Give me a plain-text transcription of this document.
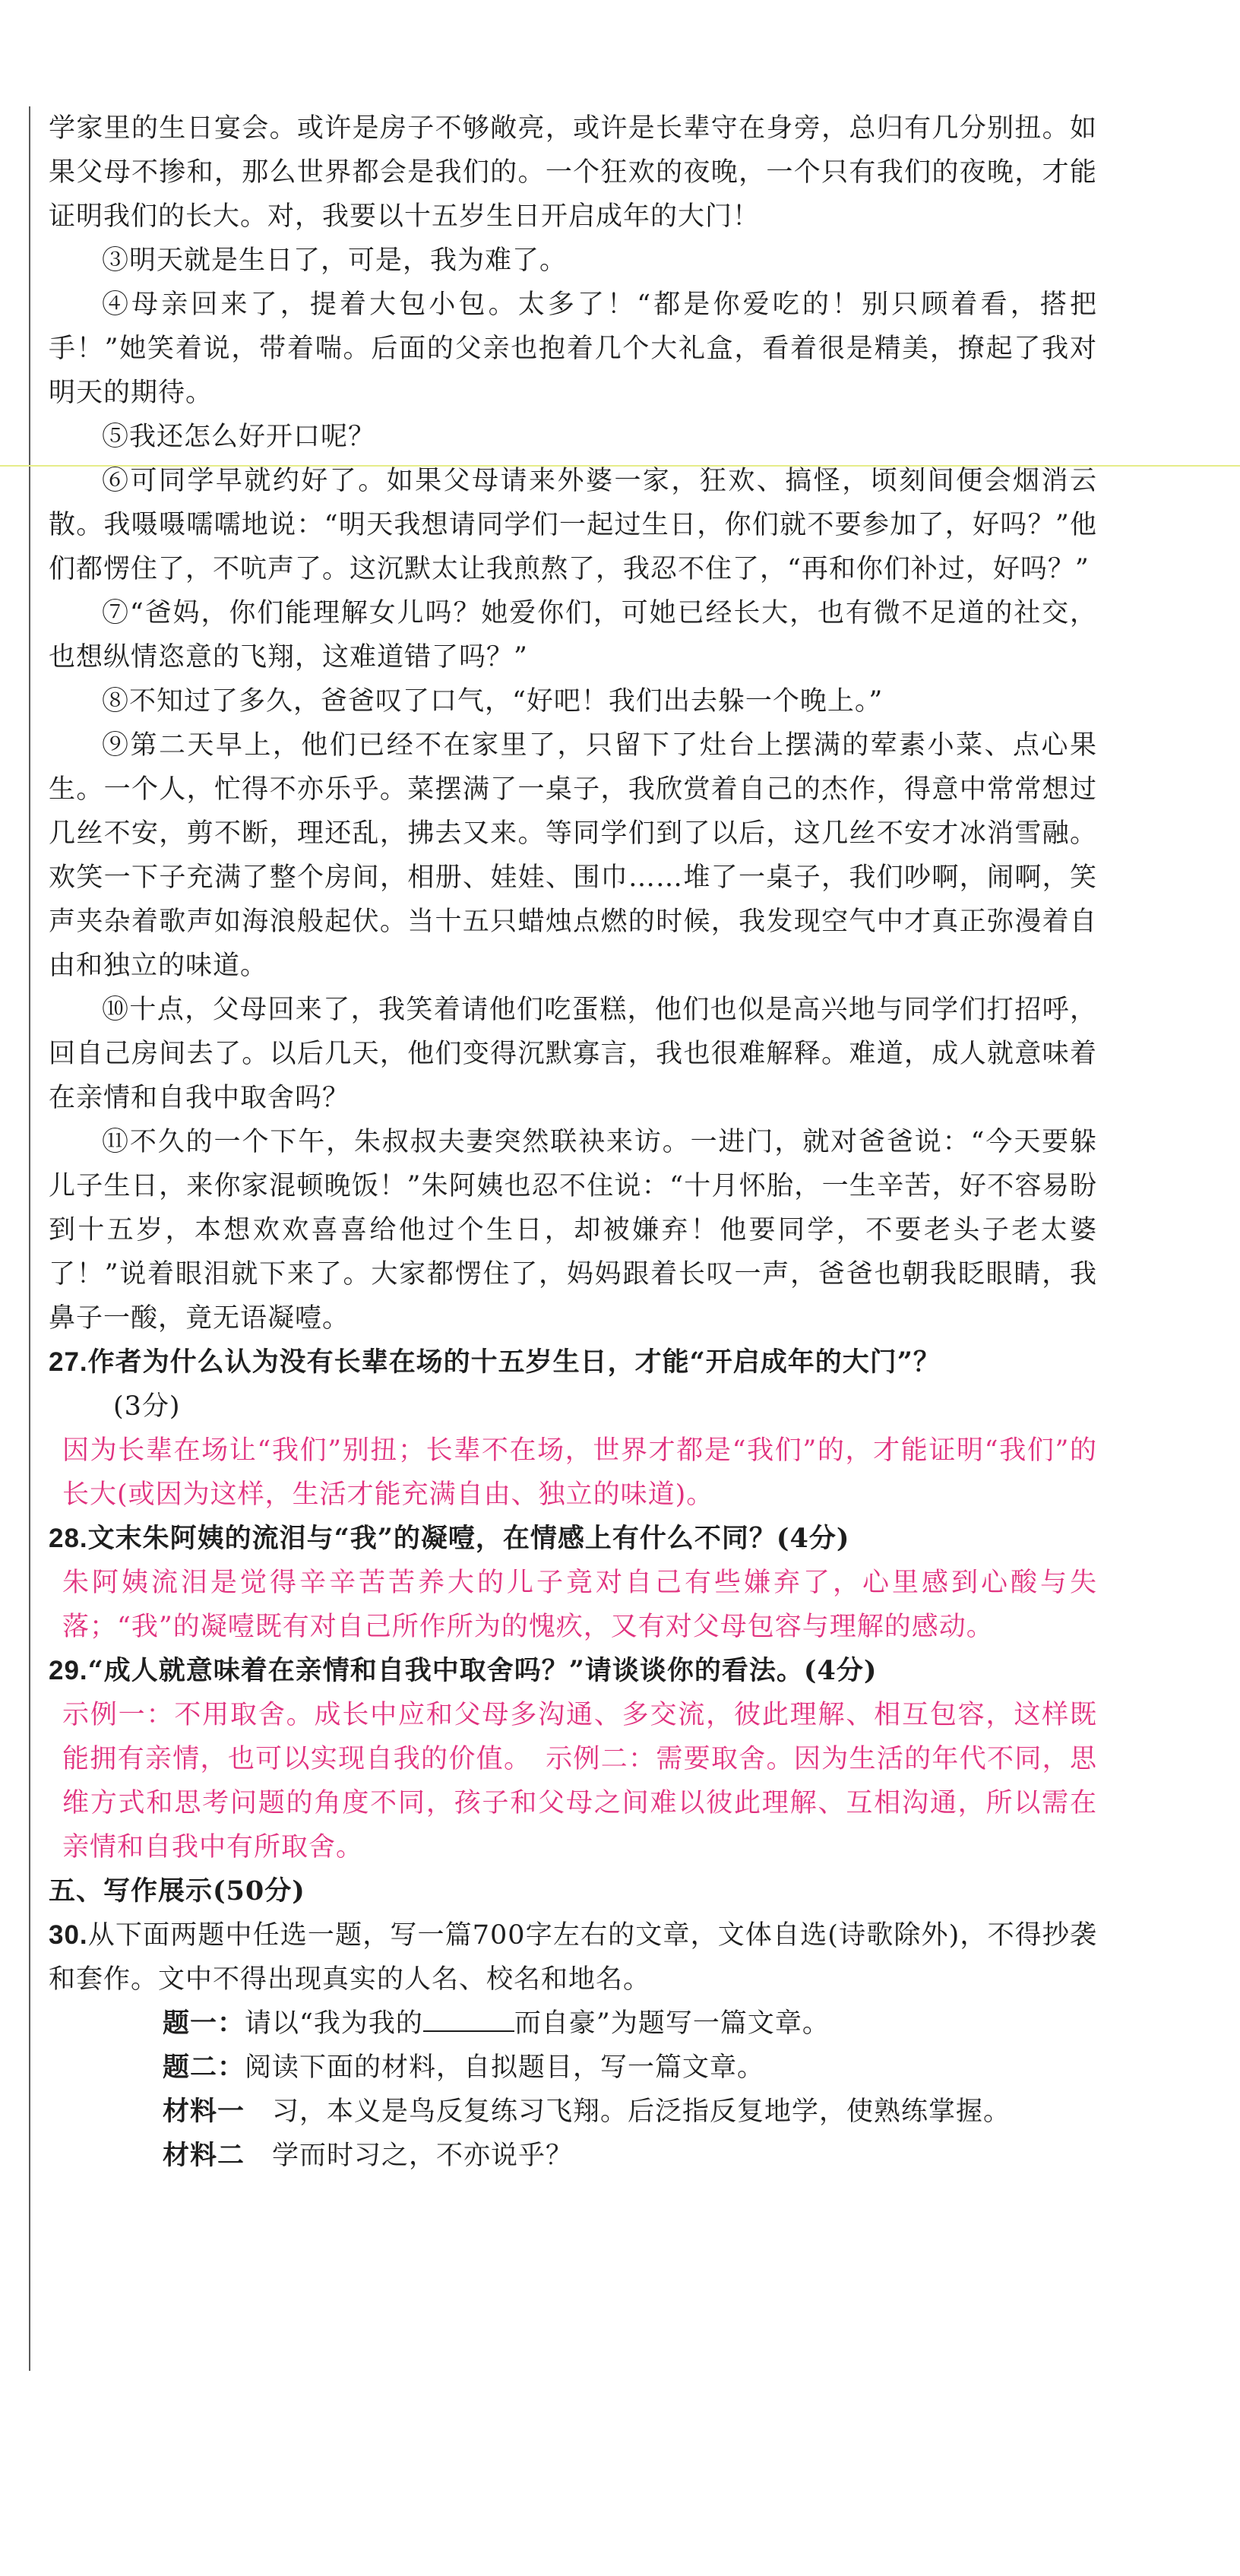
学家里的生日宴会。或许是房子不够敞亮，或许是长辈守在身旁，总归有几分别扭。如果父母不掺和，那么世界都会是我们的。一个狂欢的夜晚，一个只有我们的夜晚，才能证明我们的长大。对，我要以十五岁生日开启成年的大门！

③明天就是生日了，可是，我为难了。

④母亲回来了，提着大包小包。太多了！“都是你爱吃的！别只顾着看，搭把手！”她笑着说，带着喘。后面的父亲也抱着几个大礼盒，看着很是精美，撩起了我对明天的期待。

⑤我还怎么好开口呢？

⑥可同学早就约好了。如果父母请来外婆一家，狂欢、搞怪，顷刻间便会烟消云散。我嗫嗫嚅嚅地说：“明天我想请同学们一起过生日，你们就不要参加了，好吗？”他们都愣住了，不吭声了。这沉默太让我煎熬了，我忍不住了，“再和你们补过，好吗？”

⑦“爸妈，你们能理解女儿吗？她爱你们，可她已经长大，也有微不足道的社交，也想纵情恣意的飞翔，这难道错了吗？”

⑧不知过了多久，爸爸叹了口气，“好吧！我们出去躲一个晚上。”

⑨第二天早上，他们已经不在家里了，只留下了灶台上摆满的荤素小菜、点心果生。一个人，忙得不亦乐乎。菜摆满了一桌子，我欣赏着自己的杰作，得意中常常想过几丝不安，剪不断，理还乱，拂去又来。等同学们到了以后，这几丝不安才冰消雪融。欢笑一下子充满了整个房间，相册、娃娃、围巾……堆了一桌子，我们吵啊，闹啊，笑声夹杂着歌声如海浪般起伏。当十五只蜡烛点燃的时候，我发现空气中才真正弥漫着自由和独立的味道。

⑩十点，父母回来了，我笑着请他们吃蛋糕，他们也似是高兴地与同学们打招呼，回自己房间去了。以后几天，他们变得沉默寡言，我也很难解释。难道，成人就意味着在亲情和自我中取舍吗？

⑪不久的一个下午，朱叔叔夫妻突然联袂来访。一进门，就对爸爸说：“今天要躲儿子生日，来你家混顿晚饭！”朱阿姨也忍不住说：“十月怀胎，一生辛苦，好不容易盼到十五岁，本想欢欢喜喜给他过个生日，却被嫌弃！他要同学，不要老头子老太婆了！”说着眼泪就下来了。大家都愣住了，妈妈跟着长叹一声，爸爸也朝我眨眼睛，我鼻子一酸，竟无语凝噎。

27.作者为什么认为没有长辈在场的十五岁生日，才能“开启成年的大门”？

(3分)

因为长辈在场让“我们”别扭；长辈不在场，世界才都是“我们”的，才能证明“我们”的长大(或因为这样，生活才能充满自由、独立的味道)。

28.文末朱阿姨的流泪与“我”的凝噎，在情感上有什么不同？(4分)

朱阿姨流泪是觉得辛辛苦苦养大的儿子竟对自己有些嫌弃了，心里感到心酸与失落；“我”的凝噎既有对自己所作所为的愧疚，又有对父母包容与理解的感动。

29.“成人就意味着在亲情和自我中取舍吗？”请谈谈你的看法。(4分)

示例一：不用取舍。成长中应和父母多沟通、多交流，彼此理解、相互包容，这样既能拥有亲情，也可以实现自我的价值。　示例二：需要取舍。因为生活的年代不同，思维方式和思考问题的角度不同，孩子和父母之间难以彼此理解、互相沟通，所以需在亲情和自我中有所取舍。

五、写作展示(50分)

30.从下面两题中任选一题，写一篇700字左右的文章，文体自选(诗歌除外)，不得抄袭和套作。文中不得出现真实的人名、校名和地名。

题一：请以“我为我的	而自豪”为题写一篇文章。

题二：阅读下面的材料，自拟题目，写一篇文章。

材料一　习，本义是鸟反复练习飞翔。后泛指反复地学，使熟练掌握。

材料二　学而时习之，不亦说乎？
